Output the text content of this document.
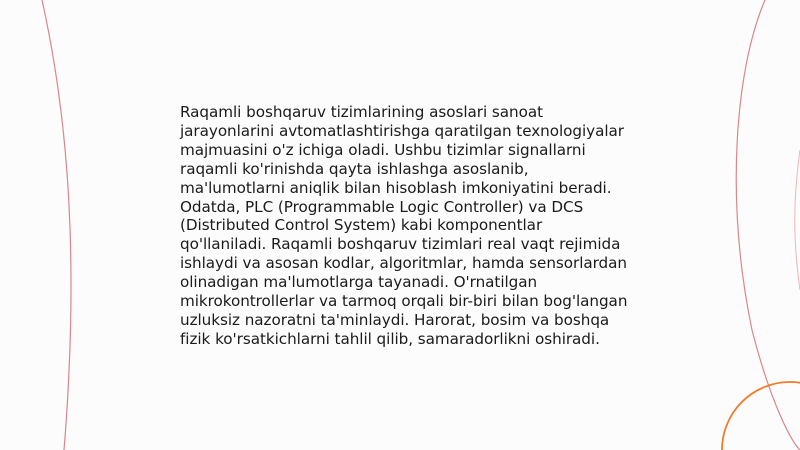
Raqamli boshqaruv tizimlarining asoslari sanoat jarayonlarini avtomatlashtirishga qaratilgan texnologiyalar majmuasini o'z ichiga oladi. Ushbu tizimlar signallarni raqamli ko'rinishda qayta ishlashga asoslanib, ma'lumotlarni aniqlik bilan hisoblash imkoniyatini beradi. Odatda, PLC (Programmable Logic Controller) va DCS (Distributed Control System) kabi komponentlar qo'llaniladi. Raqamli boshqaruv tizimlari real vaqt rejimida ishlaydi va asosan kodlar, algoritmlar, hamda sensorlardan olinadigan ma'lumotlarga tayanadi. O'rnatilgan mikrokontrollerlar va tarmoq orqali bir-biri bilan bog'langan uzluksiz nazoratni ta'minlaydi. Harorat, bosim va boshqa fizik ko'rsatkichlarni tahlil qilib, samaradorlikni oshiradi.
